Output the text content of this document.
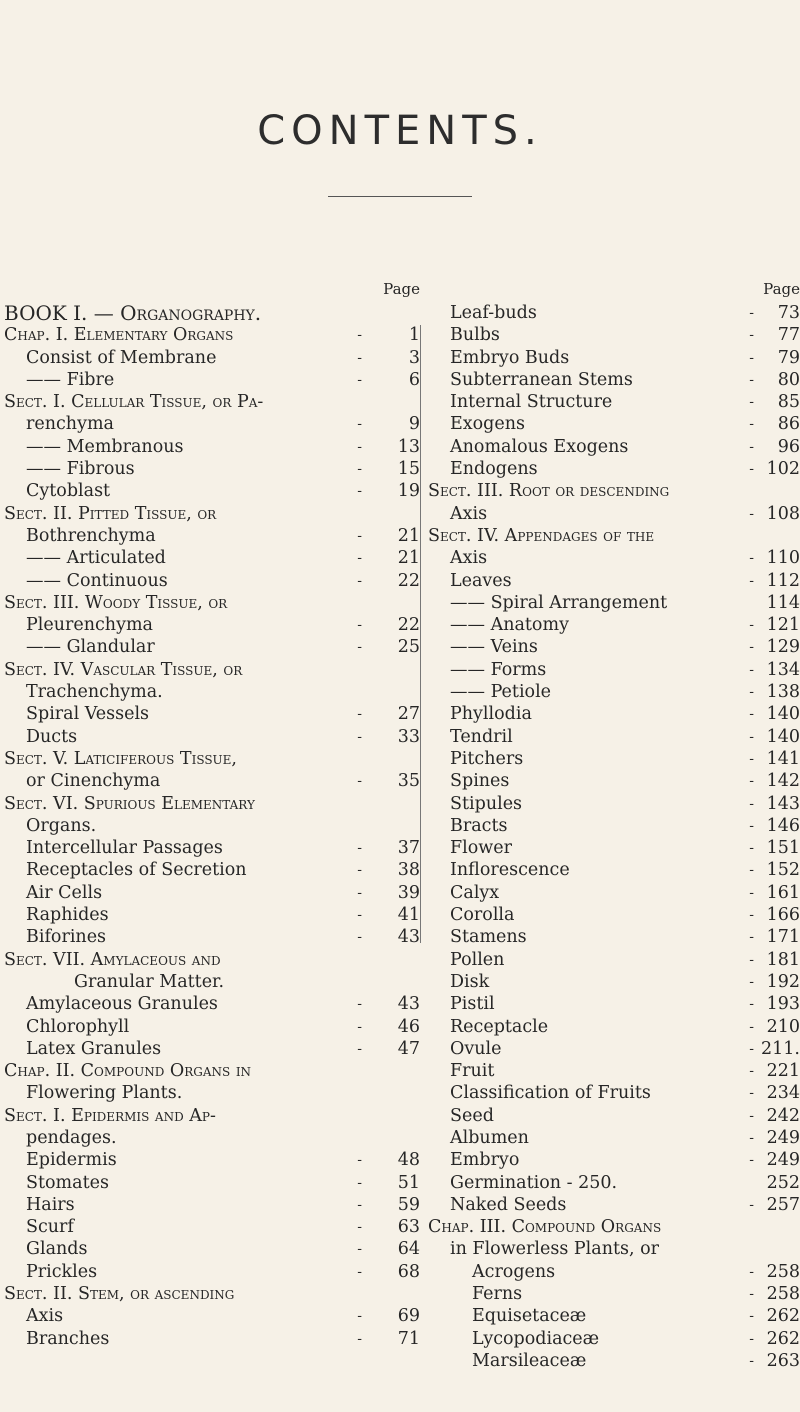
CONTENTS.
Page
BOOK I. — Organography.
Chap. I. Elementary Organs	-	1
Consist of Membrane	-	3
—— Fibre	-	6
Sect. I. Cellular Tissue, or Pa-
renchyma	-	9
—— Membranous	- 13
—— Fibrous	- 15
Cytoblast	- 19
Sect. II. Pitted Tissue, or
Bothrenchyma	- 21
—— Articulated	- 21
—— Continuous	- 22
Sect. III. Woody Tissue, or
Pleurenchyma	- 22
—— Glandular	- 25
Sect. IV. Vascular Tissue, or
Trachenchyma.
Spiral Vessels	- 27
Ducts	- 33
Sect. V. Laticiferous Tissue,
or Cinenchyma	- 35
Sect. VI. Spurious Elementary
Organs.
Intercellular Passages	- 37
Receptacles of Secretion	- 38
Air Cells	- 39
Raphides	- 41
Biforines	- 43
Sect. VII. Amylaceous and
Granular Matter.
Amylaceous Granules	- 43
Chlorophyll	- 46
Latex Granules	- 47
Chap. II. Compound Organs in
Flowering Plants.
Sect. I. Epidermis and Ap-
pendages.
Epidermis	- 48
Stomates	- 51
Hairs	- 59
Scurf	- 63
Glands	- 64
Prickles	- 68
Sect. II. Stem, or ascending
Axis	- 69
Branches	- 71
Page
Leaf-buds	- 73
Bulbs	- 77
Embryo Buds	- 79
Subterranean Stems	- 80
Internal Structure	- 85
Exogens	- 86
Anomalous Exogens	- 96
Endogens	- 102
Sect. III. Root or descending
Axis	- 108
Sect. IV. Appendages of the
Axis	- 110
Leaves	- 112
—— Spiral Arrangement	114
—— Anatomy	- 121
—— Veins	- 129
—— Forms	- 134
—— Petiole	- 138
Phyllodia	- 140
Tendril	- 140
Pitchers	- 141
Spines	- 142
Stipules	- 143
Bracts	- 146
Flower	- 151
Inflorescence	- 152
Calyx	- 161
Corolla	- 166
Stamens	- 171
Pollen	- 181
Disk	- 192
Pistil	- 193
Receptacle	- 210
Ovule	- 211.
Fruit	- 221
Classification of Fruits	- 234
Seed	- 242
Albumen	- 249
Embryo	- 249
Germination - 250.	252
Naked Seeds	- 257
Chap. III. Compound Organs
in Flowerless Plants, or
Acrogens	- 258
Ferns	- 258
Equisetaceæ	- 262
Lycopodiaceæ	- 262
Marsileaceæ	- 263
